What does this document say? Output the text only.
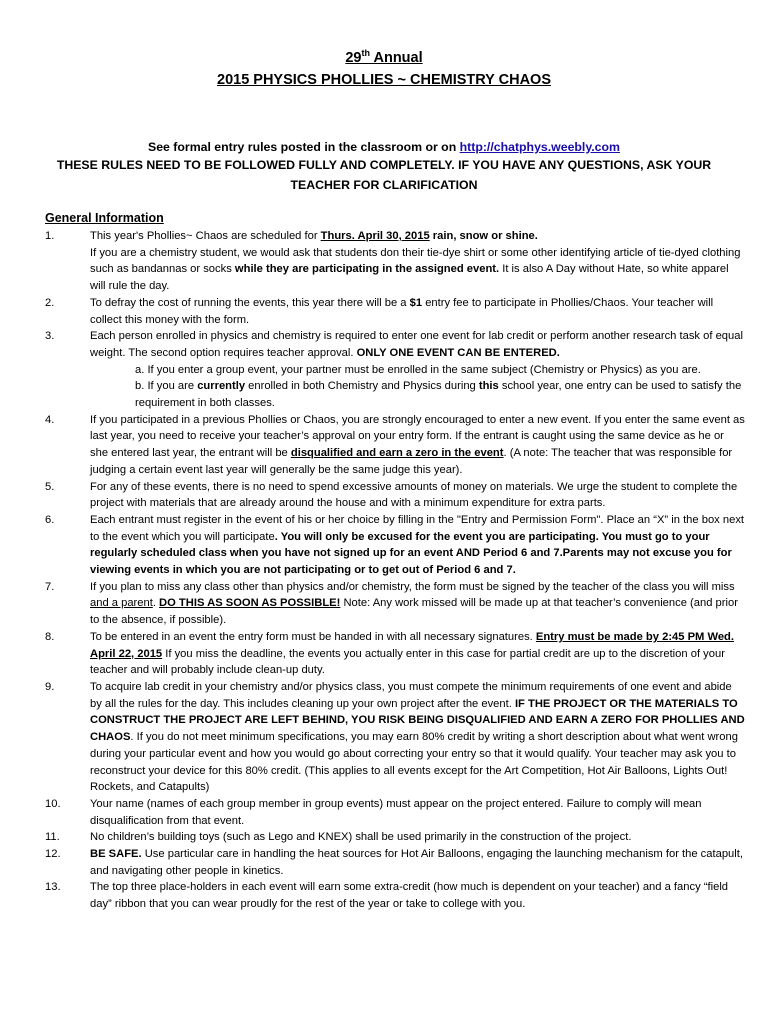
29th Annual
2015 PHYSICS PHOLLIES ~ CHEMISTRY CHAOS
See formal entry rules posted in the classroom or on http://chatphys.weebly.com
THESE RULES NEED TO BE FOLLOWED FULLY AND COMPLETELY. IF YOU HAVE ANY QUESTIONS, ASK YOUR TEACHER FOR CLARIFICATION
General Information
1.	This year's Phollies~ Chaos are scheduled for Thurs. April 30, 2015 rain, snow or shine.
If you are a chemistry student, we would ask that students don their tie-dye shirt or some other identifying article of tie-dyed clothing such as bandannas or socks while they are participating in the assigned event. It is also A Day without Hate, so white apparel will rule the day.
2.	To defray the cost of running the events, this year there will be a $1 entry fee to participate in Phollies/Chaos. Your teacher will collect this money with the form.
3.	Each person enrolled in physics and chemistry is required to enter one event for lab credit or perform another research task of equal weight. The second option requires teacher approval. ONLY ONE EVENT CAN BE ENTERED.
a. If you enter a group event, your partner must be enrolled in the same subject (Chemistry or Physics) as you are.
b. If you are currently enrolled in both Chemistry and Physics during this school year, one entry can be used to satisfy the requirement in both classes.
4.	If you participated in a previous Phollies or Chaos, you are strongly encouraged to enter a new event. If you enter the same event as last year, you need to receive your teacher’s approval on your entry form. If the entrant is caught using the same device as he or she entered last year, the entrant will be disqualified and earn a zero in the event. (A note: The teacher that was responsible for judging a certain event last year will generally be the same judge this year).
5.	For any of these events, there is no need to spend excessive amounts of money on materials. We urge the student to complete the project with materials that are already around the house and with a minimum expenditure for extra parts.
6.	Each entrant must register in the event of his or her choice by filling in the "Entry and Permission Form". Place an “X” in the box next to the event which you will participate. You will only be excused for the event you are participating. You must go to your regularly scheduled class when you have not signed up for an event AND Period 6 and 7.Parents may not excuse you for viewing events in which you are not participating or to get out of Period 6 and 7.
7.	If you plan to miss any class other than physics and/or chemistry, the form must be signed by the teacher of the class you will miss and a parent. DO THIS AS SOON AS POSSIBLE! Note: Any work missed will be made up at that teacher’s convenience (and prior to the absence, if possible).
8.	To be entered in an event the entry form must be handed in with all necessary signatures. Entry must be made by 2:45 PM Wed. April 22, 2015 If you miss the deadline, the events you actually enter in this case for partial credit are up to the discretion of your teacher and will probably include clean-up duty.
9.	To acquire lab credit in your chemistry and/or physics class, you must compete the minimum requirements of one event and abide by all the rules for the day. This includes cleaning up your own project after the event. IF THE PROJECT OR THE MATERIALS TO CONSTRUCT THE PROJECT ARE LEFT BEHIND, YOU RISK BEING DISQUALIFIED AND EARN A ZERO FOR PHOLLIES AND CHAOS. If you do not meet minimum specifications, you may earn 80% credit by writing a short description about what went wrong during your particular event and how you would go about correcting your entry so that it would qualify. Your teacher may ask you to reconstruct your device for this 80% credit. (This applies to all events except for the Art Competition, Hot Air Balloons, Lights Out! Rockets, and Catapults)
10.	Your name (names of each group member in group events) must appear on the project entered. Failure to comply will mean disqualification from that event.
11.	No children’s building toys (such as Lego and KNEX) shall be used primarily in the construction of the project.
12.	BE SAFE. Use particular care in handling the heat sources for Hot Air Balloons, engaging the launching mechanism for the catapult, and navigating other people in kinetics.
13.	The top three place-holders in each event will earn some extra-credit (how much is dependent on your teacher) and a fancy “field day” ribbon that you can wear proudly for the rest of the year or take to college with you.
